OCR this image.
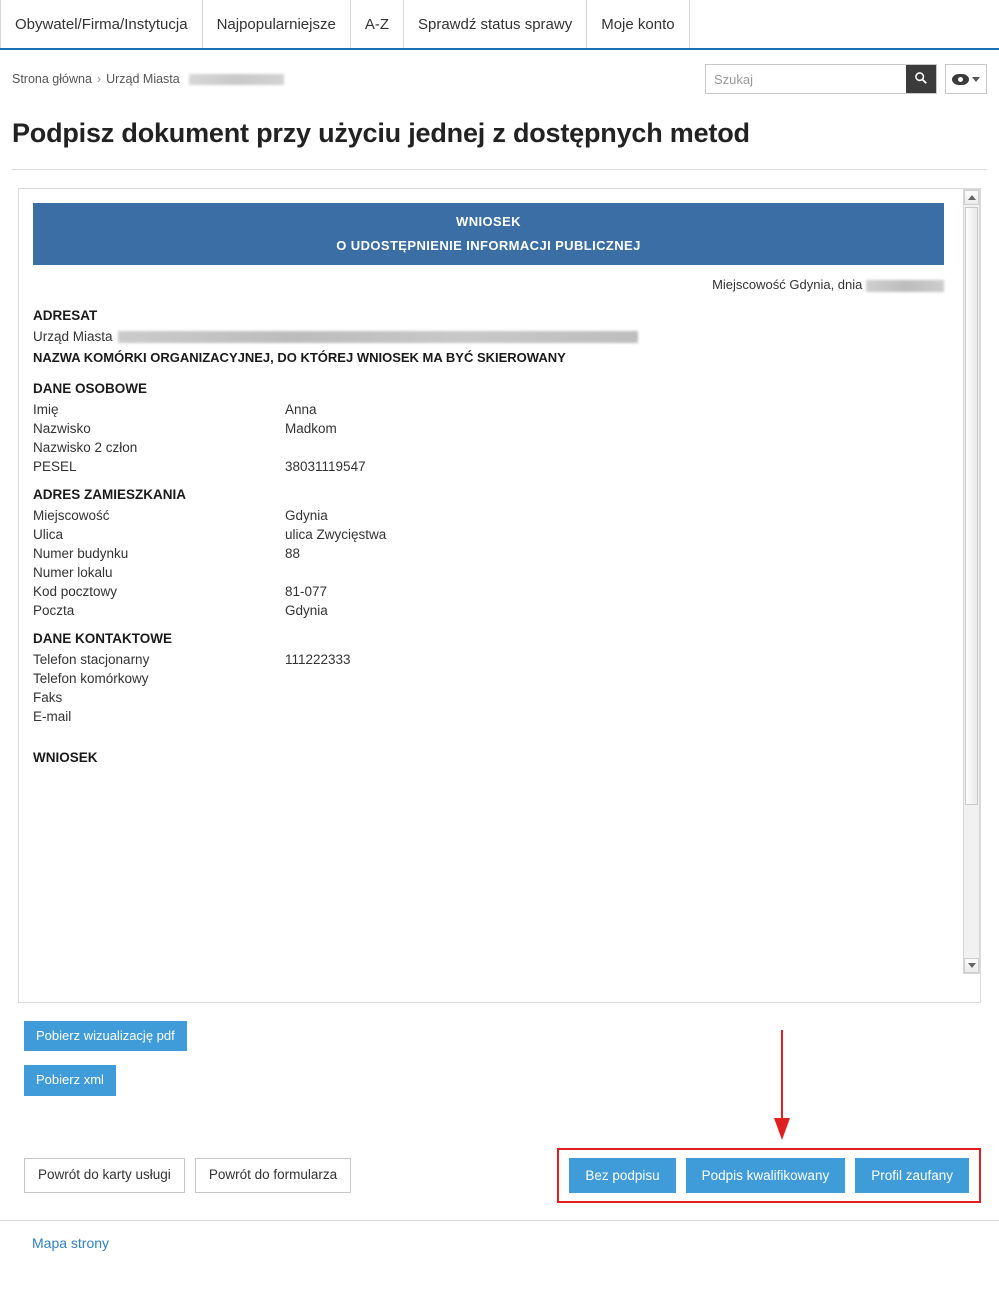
Obywatel/Firma/Instytucja Najpopularniejsze A-Z Sprawdź status sprawy Moje konto
Strona główna › Urząd Miasta
Szukaj
Podpisz dokument przy użyciu jednej z dostępnych metod
WNIOSEK
O UDOSTĘPNIENIE INFORMACJI PUBLICZNEJ
Miejscowość Gdynia, dnia
ADRESAT
Urząd Miasta
NAZWA KOMÓRKI ORGANIZACYJNEJ, DO KTÓREJ WNIOSEK MA BYĆ SKIEROWANY
DANE OSOBOWE
Imię	Anna
Nazwisko	Madkom
Nazwisko 2 człon
PESEL	38031119547
ADRES ZAMIESZKANIA
Miejscowość	Gdynia
Ulica	ulica Zwycięstwa
Numer budynku	88
Numer lokalu
Kod pocztowy	81-077
Poczta	Gdynia
DANE KONTAKTOWE
Telefon stacjonarny	111222333
Telefon komórkowy
Faks
E-mail
WNIOSEK
Pobierz wizualizację pdf
Pobierz xml
Powrót do karty usługi	Powrót do formularza	Bez podpisu	Podpis kwalifikowany	Profil zaufany
Mapa strony
